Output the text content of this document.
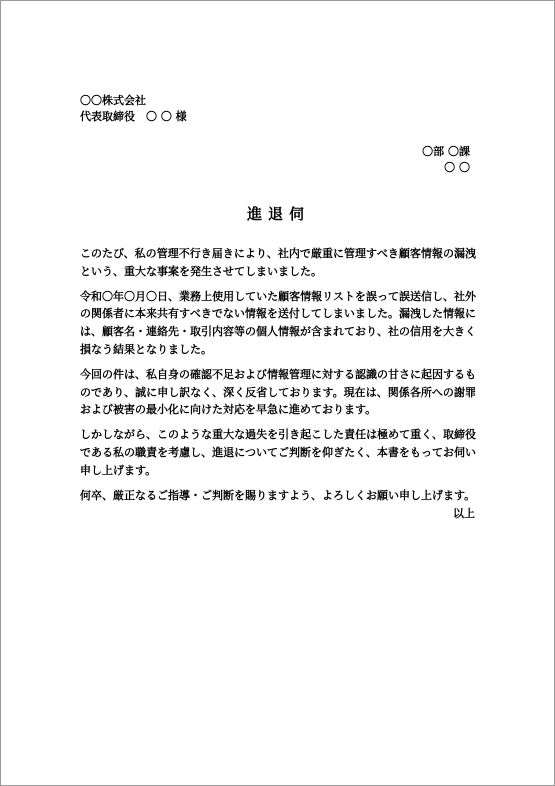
〇〇株式会社
代表取締役　〇 〇 様
〇部 〇課
〇 〇
進退伺

このたび、私の管理不行き届きにより、社内で厳重に管理すべき顧客情報の漏洩という、重大な事案を発生させてしまいました。

令和〇年〇月〇日、業務上使用していた顧客情報リストを誤って誤送信し、社外の関係者に本来共有すべきでない情報を送付してしまいました。漏洩した情報には、顧客名・連絡先・取引内容等の個人情報が含まれており、社の信用を大きく損なう結果となりました。

今回の件は、私自身の確認不足および情報管理に対する認識の甘さに起因するものであり、誠に申し訳なく、深く反省しております。現在は、関係各所への謝罪および被害の最小化に向けた対応を早急に進めております。

しかしながら、このような重大な過失を引き起こした責任は極めて重く、取締役である私の職責を考慮し、進退についてご判断を仰ぎたく、本書をもってお伺い申し上げます。

何卒、厳正なるご指導・ご判断を賜りますよう、よろしくお願い申し上げます。

以上
